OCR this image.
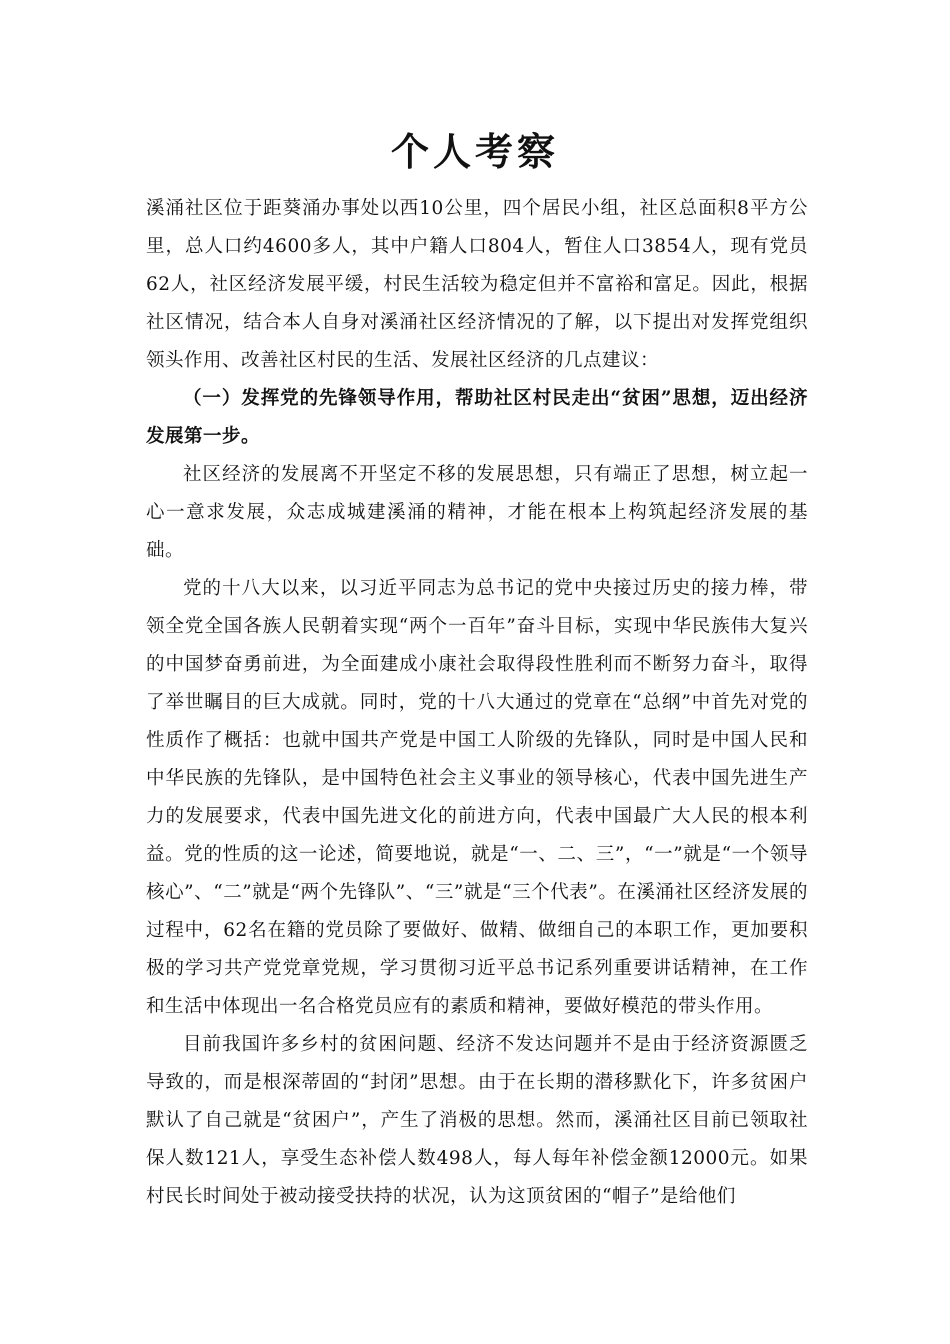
个人考察

溪涌社区位于距葵涌办事处以西10公里，四个居民小组，社区总面积8平方公里，总人口约4600多人，其中户籍人口804人，暂住人口3854人，现有党员62人，社区经济发展平缓，村民生活较为稳定但并不富裕和富足。因此，根据社区情况，结合本人自身对溪涌社区经济情况的了解，以下提出对发挥党组织领头作用、改善社区村民的生活、发展社区经济的几点建议：

（一）发挥党的先锋领导作用，帮助社区村民走出“贫困”思想，迈出经济发展第一步。

社区经济的发展离不开坚定不移的发展思想，只有端正了思想，树立起一心一意求发展，众志成城建溪涌的精神，才能在根本上构筑起经济发展的基础。

党的十八大以来，以习近平同志为总书记的党中央接过历史的接力棒，带领全党全国各族人民朝着实现“两个一百年”奋斗目标，实现中华民族伟大复兴的中国梦奋勇前进，为全面建成小康社会取得段性胜利而不断努力奋斗，取得了举世瞩目的巨大成就。同时，党的十八大通过的党章在“总纲”中首先对党的性质作了概括：也就中国共产党是中国工人阶级的先锋队，同时是中国人民和中华民族的先锋队，是中国特色社会主义事业的领导核心，代表中国先进生产力的发展要求，代表中国先进文化的前进方向，代表中国最广大人民的根本利益。党的性质的这一论述，简要地说，就是“一、二、三”，“一”就是“一个领导核心”、“二”就是“两个先锋队”、“三”就是“三个代表”。在溪涌社区经济发展的过程中，62名在籍的党员除了要做好、做精、做细自己的本职工作，更加要积极的学习共产党党章党规，学习贯彻习近平总书记系列重要讲话精神，在工作和生活中体现出一名合格党员应有的素质和精神，要做好模范的带头作用。

目前我国许多乡村的贫困问题、经济不发达问题并不是由于经济资源匮乏导致的，而是根深蒂固的“封闭”思想。由于在长期的潜移默化下，许多贫困户默认了自己就是“贫困户”，产生了消极的思想。然而，溪涌社区目前已领取社保人数121人，享受生态补偿人数498人，每人每年补偿金额12000元。如果村民长时间处于被动接受扶持的状况，认为这顶贫困的“帽子”是给他们
